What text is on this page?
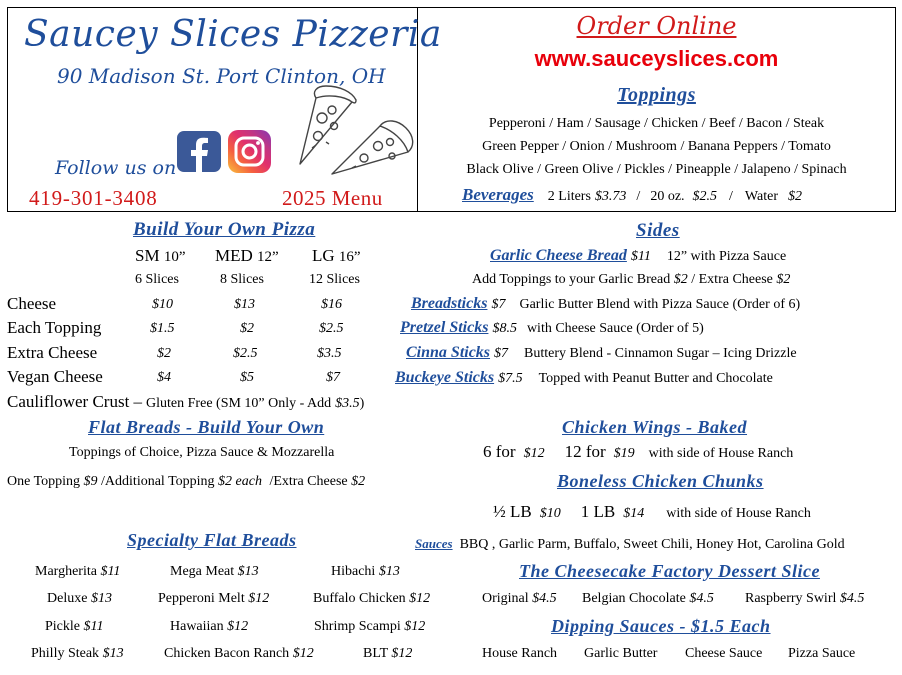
Saucey Slices Pizzeria
90 Madison St. Port Clinton, OH
Follow us on
419-301-3408	2025 Menu
Order Online
www.sauceyslices.com
Toppings
Pepperoni / Ham / Sausage / Chicken / Beef / Bacon / Steak
Green Pepper / Onion / Mushroom / Banana Peppers / Tomato
Black Olive / Green Olive / Pickles / Pineapple / Jalapeno / Spinach
Beverages 2 Liters $3.73 / 20 oz. $2.5 / Water $2
Build Your Own Pizza
SM 10” MED 12” LG 16”
6 Slices	8 Slices	12 Slices
Cheese	$10	$13	$16
Each Topping	$1.5	$2	$2.5
Extra Cheese	$2	$2.5	$3.5
Vegan Cheese	$4	$5	$7
Cauliflower Crust – Gluten Free (SM 10” Only - Add $3.5)
Flat Breads - Build Your Own
Toppings of Choice, Pizza Sauce & Mozzarella
One Topping $9 /Additional Topping $2 each /Extra Cheese $2
Specialty Flat Breads
Margherita $11	Mega Meat $13	Hibachi $13
Deluxe $13	Pepperoni Melt $12	Buffalo Chicken $12
Pickle $11	Hawaiian $12	Shrimp Scampi $12
Philly Steak $13	Chicken Bacon Ranch $12	BLT $12
Sides
Garlic Cheese Bread $11 12” with Pizza Sauce
Add Toppings to your Garlic Bread $2 / Extra Cheese $2
Breadsticks $7 Garlic Butter Blend with Pizza Sauce (Order of 6)
Pretzel Sticks $8.5 with Cheese Sauce (Order of 5)
Cinna Sticks $7 Buttery Blend - Cinnamon Sugar – Icing Drizzle
Buckeye Sticks $7.5 Topped with Peanut Butter and Chocolate
Chicken Wings - Baked
6 for $12 12 for $19 with side of House Ranch
Boneless Chicken Chunks
½ LB $10 1 LB $14 with side of House Ranch
Sauces BBQ , Garlic Parm, Buffalo, Sweet Chili, Honey Hot, Carolina Gold
The Cheesecake Factory Dessert Slice
Original $4.5 Belgian Chocolate $4.5 Raspberry Swirl $4.5
Dipping Sauces - $1.5 Each
House Ranch Garlic Butter Cheese Sauce Pizza Sauce
